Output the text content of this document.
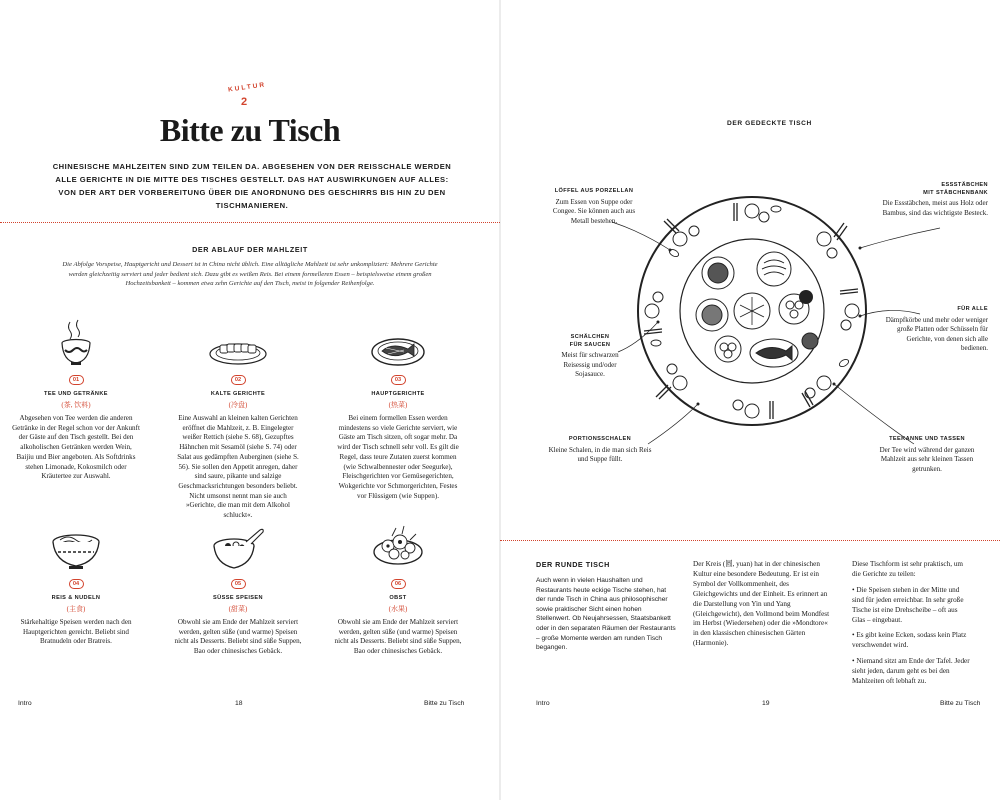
KULTUR
2
Bitte zu Tisch

CHINESISCHE MAHLZEITEN SIND ZUM TEILEN DA. ABGESEHEN VON DER REISSCHALE WERDEN ALLE GERICHTE IN DIE MITTE DES TISCHES GESTELLT. DAS HAT AUSWIRKUNGEN AUF ALLES: VON DER ART DER VORBEREITUNG ÜBER DIE ANORDNUNG DES GESCHIRRS BIS HIN ZU DEN TISCHMANIEREN.

DER ABLAUF DER MAHLZEIT

Die Abfolge Vorspeise, Hauptgericht und Dessert ist in China nicht üblich. Eine alltägliche Mahlzeit ist sehr unkompliziert: Mehrere Gerichte werden gleichzeitig serviert und jeder bedient sich. Dazu gibt es weißen Reis. Bei einem formelleren Essen – beispielsweise einem großen Hochzeitsbankett – kommen etwa zehn Gerichte auf den Tisch, meist in folgender Reihenfolge.

01
TEE UND GETRÄNKE
(茶, 饮料)
Abgesehen von Tee werden die anderen Getränke in der Regel schon vor der Ankunft der Gäste auf den Tisch gestellt. Bei den alkoholischen Getränken werden Wein, Baijiu und Bier angeboten. Als Softdrinks stehen Limonade, Kokosmilch oder Kräutertee zur Auswahl.
02
KALTE GERICHTE
(冷盘)
Eine Auswahl an kleinen kalten Gerichten eröffnet die Mahlzeit, z. B. Eingelegter weißer Rettich (siehe S. 68), Gezupftes Hähnchen mit Sesamöl (siehe S. 74) oder Salat aus gedämpften Auberginen (siehe S. 56). Sie sollen den Appetit anregen, daher sind saure, pikante und salzige Geschmacksrichtungen besonders beliebt. Nicht umsonst nennt man sie auch »Gerichte, die man mit dem Alkohol schluckt«.
03
HAUPTGERICHTE
(热菜)
Bei einem formellen Essen werden mindestens so viele Gerichte serviert, wie Gäste am Tisch sitzen, oft sogar mehr. Da wird der Tisch schnell sehr voll. Es gilt die Regel, dass teure Zutaten zuerst kommen (wie Schwalbennester oder Seegurke), Fleischgerichten vor Gemüsegerichten, Wokgerichte vor Schmorgerichten, Festes vor Flüssigem (wie Suppen).
04
REIS & NUDELN
(主食)
Stärkehaltige Speisen werden nach den Hauptgerichten gereicht. Beliebt sind Bratnudeln oder Bratreis.
05
SÜSSE SPEISEN
(甜菜)
Obwohl sie am Ende der Mahlzeit serviert werden, gelten süße (und warme) Speisen nicht als Desserts. Beliebt sind süße Suppen, Bao oder chinesisches Gebäck.
06
OBST
(水果)
Obwohl sie am Ende der Mahlzeit serviert werden, gelten süße (und warme) Speisen nicht als Desserts. Beliebt sind süße Suppen, Bao oder chinesisches Gebäck.
Intro	18	Bitte zu Tisch
DER GEDECKTE TISCH
LÖFFEL AUS PORZELLAN
Zum Essen von Suppe oder Congee. Sie können auch aus Metall bestehen.
ESSSTÄBCHEN
MIT STÄBCHENBANK
Die Essstäbchen, meist aus Holz oder Bambus, sind das wichtigste Besteck.
FÜR ALLE
Dämpfkörbe und mehr oder weniger große Platten oder Schüsseln für Gerichte, von denen sich alle bedienen.
SCHÄLCHEN
FÜR SAUCEN
Meist für schwarzen Reisessig und/oder Sojasauce.
PORTIONSSCHALEN
Kleine Schalen, in die man sich Reis und Suppe füllt.
TEEKANNE UND TASSEN
Der Tee wird während der ganzen Mahlzeit aus sehr kleinen Tassen getrunken.
DER RUNDE TISCH

Auch wenn in vielen Haushalten und Restaurants heute eckige Tische stehen, hat der runde Tisch in China aus philosophischer sowie praktischer Sicht einen hohen Stellenwert. Ob Neujahrsessen, Staatsbankett oder in den separaten Räumen der Restaurants – große Momente werden am runden Tisch begangen.

Der Kreis (圆, yuan) hat in der chinesischen Kultur eine besondere Bedeutung. Er ist ein Symbol der Vollkommenheit, des Gleichgewichts und der Einheit. Es erinnert an die Darstellung von Yin und Yang (Gleichgewicht), den Vollmond beim Mondfest im Herbst (Wiedersehen) oder die »Mondtore« in den klassischen chinesischen Gärten (Harmonie).

Diese Tischform ist sehr praktisch, um die Gerichte zu teilen:

• Die Speisen stehen in der Mitte und sind für jeden erreichbar. In sehr große Tische ist eine Drehscheibe – oft aus Glas – eingebaut.

• Es gibt keine Ecken, sodass kein Platz verschwendet wird.

• Niemand sitzt am Ende der Tafel. Jeder sieht jeden, darum geht es bei den Mahlzeiten oft lebhaft zu.

Intro	19	Bitte zu Tisch
